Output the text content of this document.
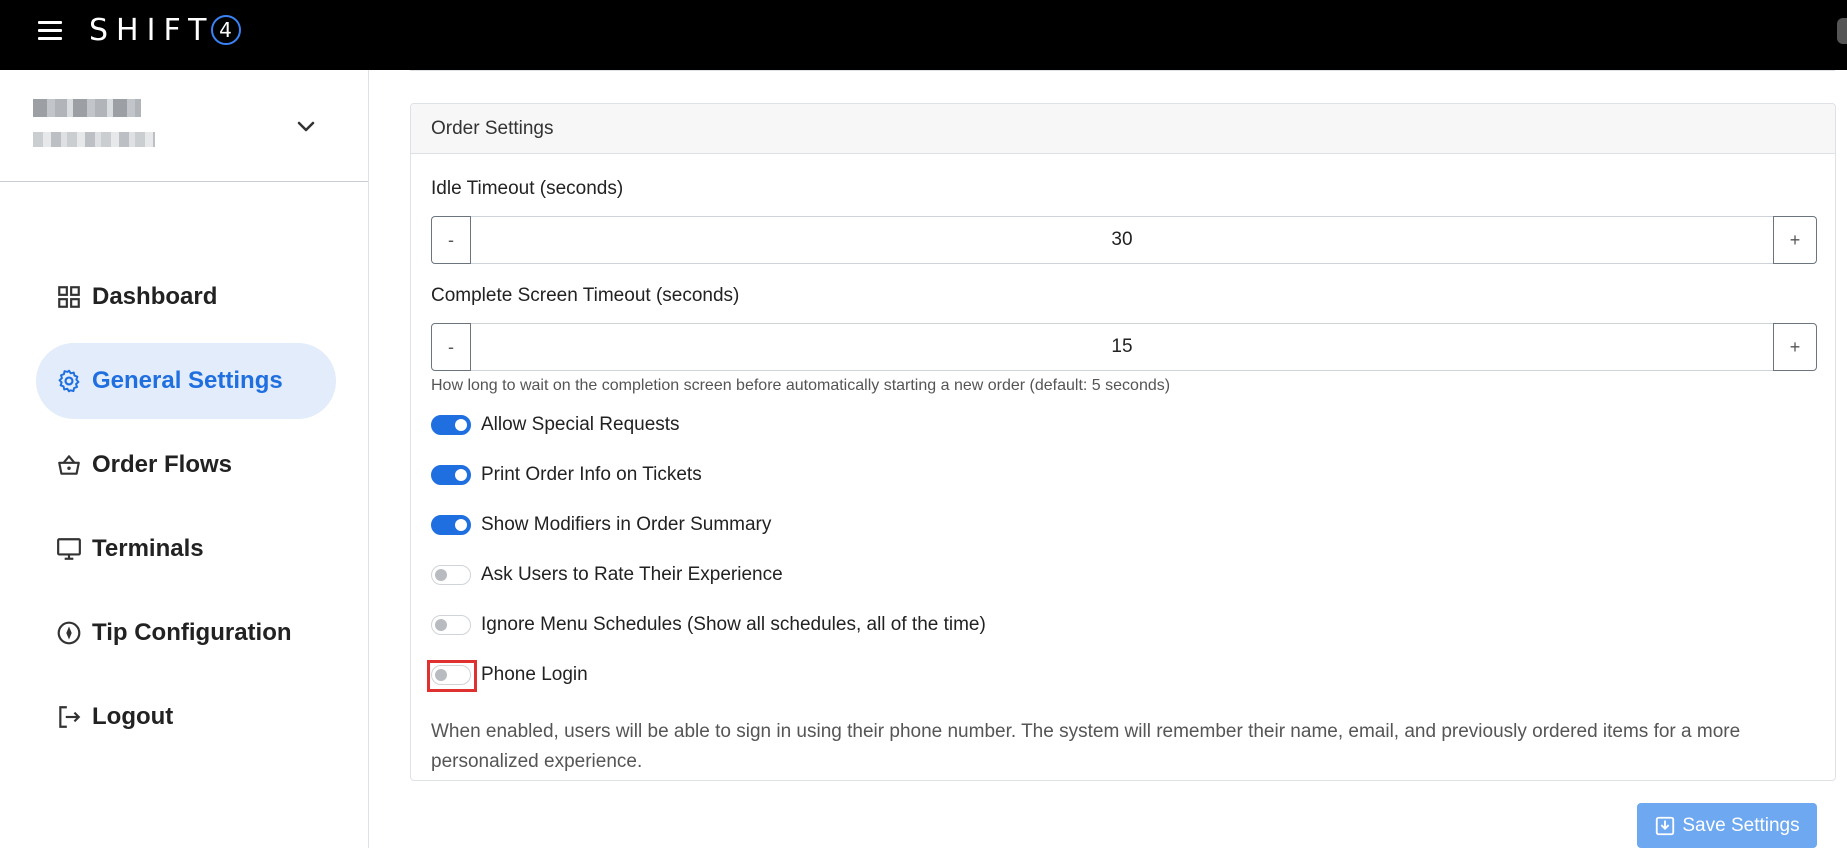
SHIFT 4
Dashboard
General Settings
Order Flows
Terminals
Tip Configuration
Logout
Order Settings
Idle Timeout (seconds)
-	30	+
Complete Screen Timeout (seconds)
-	15	+
How long to wait on the completion screen before automatically starting a new order (default: 5 seconds)
Allow Special Requests
Print Order Info on Tickets
Show Modifiers in Order Summary
Ask Users to Rate Their Experience
Ignore Menu Schedules (Show all schedules, all of the time)
Phone Login
When enabled, users will be able to sign in using their phone number. The system will remember their name, email, and previously ordered items for a more personalized experience.
Save Settings
